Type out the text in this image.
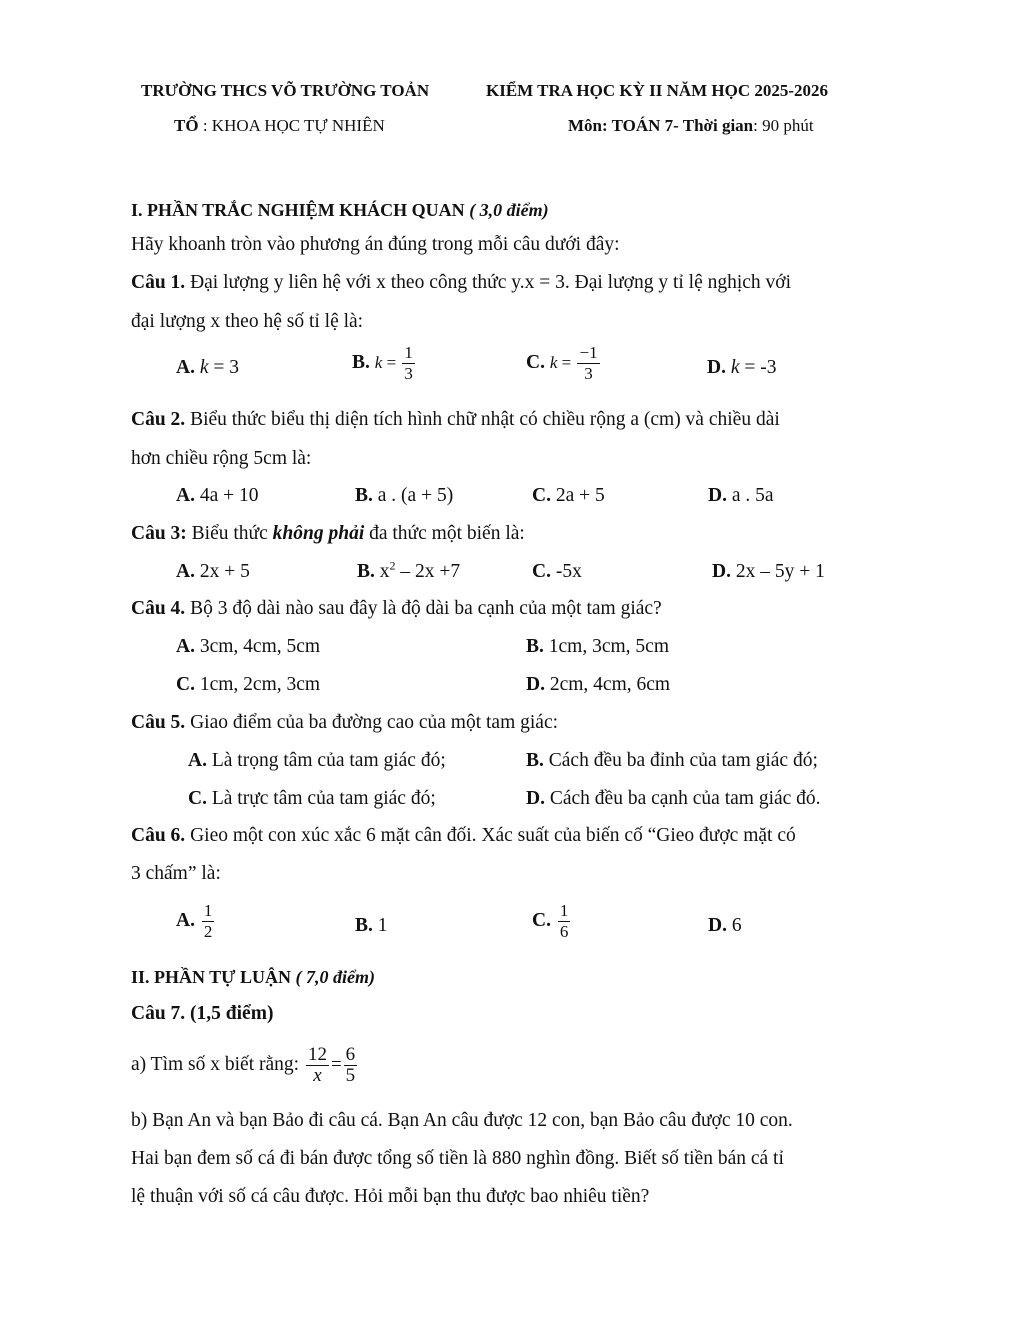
TRƯỜNG THCS VÕ TRƯỜNG TOẢN	KIỂM TRA HỌC KỲ II NĂM HỌC 2025-2026
TỔ : KHOA HỌC TỰ NHIÊN	Môn: TOÁN 7- Thời gian: 90 phút
I. PHẦN TRẮC NGHIỆM KHÁCH QUAN ( 3,0 điểm)
Hãy khoanh tròn vào phương án đúng trong mỗi câu dưới đây:
Câu 1. Đại lượng y liên hệ với x theo công thức y.x = 3. Đại lượng y tỉ lệ nghịch với
đại lượng x theo hệ số tỉ lệ là:
A. k = 3	B. $k = \frac{1}{3}$	C. $k = \frac{-1}{3}$	D. k = -3
Câu 2. Biểu thức biểu thị diện tích hình chữ nhật có chiều rộng a (cm) và chiều dài
hơn chiều rộng 5cm là:
A. 4a + 10	B. a . (a + 5)	C. 2a + 5	D. a . 5a
Câu 3: Biểu thức không phải đa thức một biến là:
A. 2x + 5	B. $x^2 - 2x +7$	C. -5x	D. 2x – 5y + 1
Câu 4. Bộ 3 độ dài nào sau đây là độ dài ba cạnh của một tam giác?
A. 3cm, 4cm, 5cm	B. 1cm, 3cm, 5cm
C. 1cm, 2cm, 3cm	D. 2cm, 4cm, 6cm
Câu 5. Giao điểm của ba đường cao của một tam giác:
A. Là trọng tâm của tam giác đó;	B. Cách đều ba đỉnh của tam giác đó;
C. Là trực tâm của tam giác đó;	D. Cách đều ba cạnh của tam giác đó.
Câu 6. Gieo một con xúc xắc 6 mặt cân đối. Xác suất của biến cố “Gieo được mặt có
3 chấm” là:
A. $\frac{1}{2}$	B. 1	C. $\frac{1}{6}$	D. 6
II. PHẦN TỰ LUẬN ( 7,0 điểm)
Câu 7. (1,5 điểm)
a) Tìm số x biết rằng: $\frac{12}{x} = \frac{6}{5}$
b) Bạn An và bạn Bảo đi câu cá. Bạn An câu được 12 con, bạn Bảo câu được 10 con.
Hai bạn đem số cá đi bán được tổng số tiền là 880 nghìn đồng. Biết số tiền bán cá tỉ
lệ thuận với số cá câu được. Hỏi mỗi bạn thu được bao nhiêu tiền?
